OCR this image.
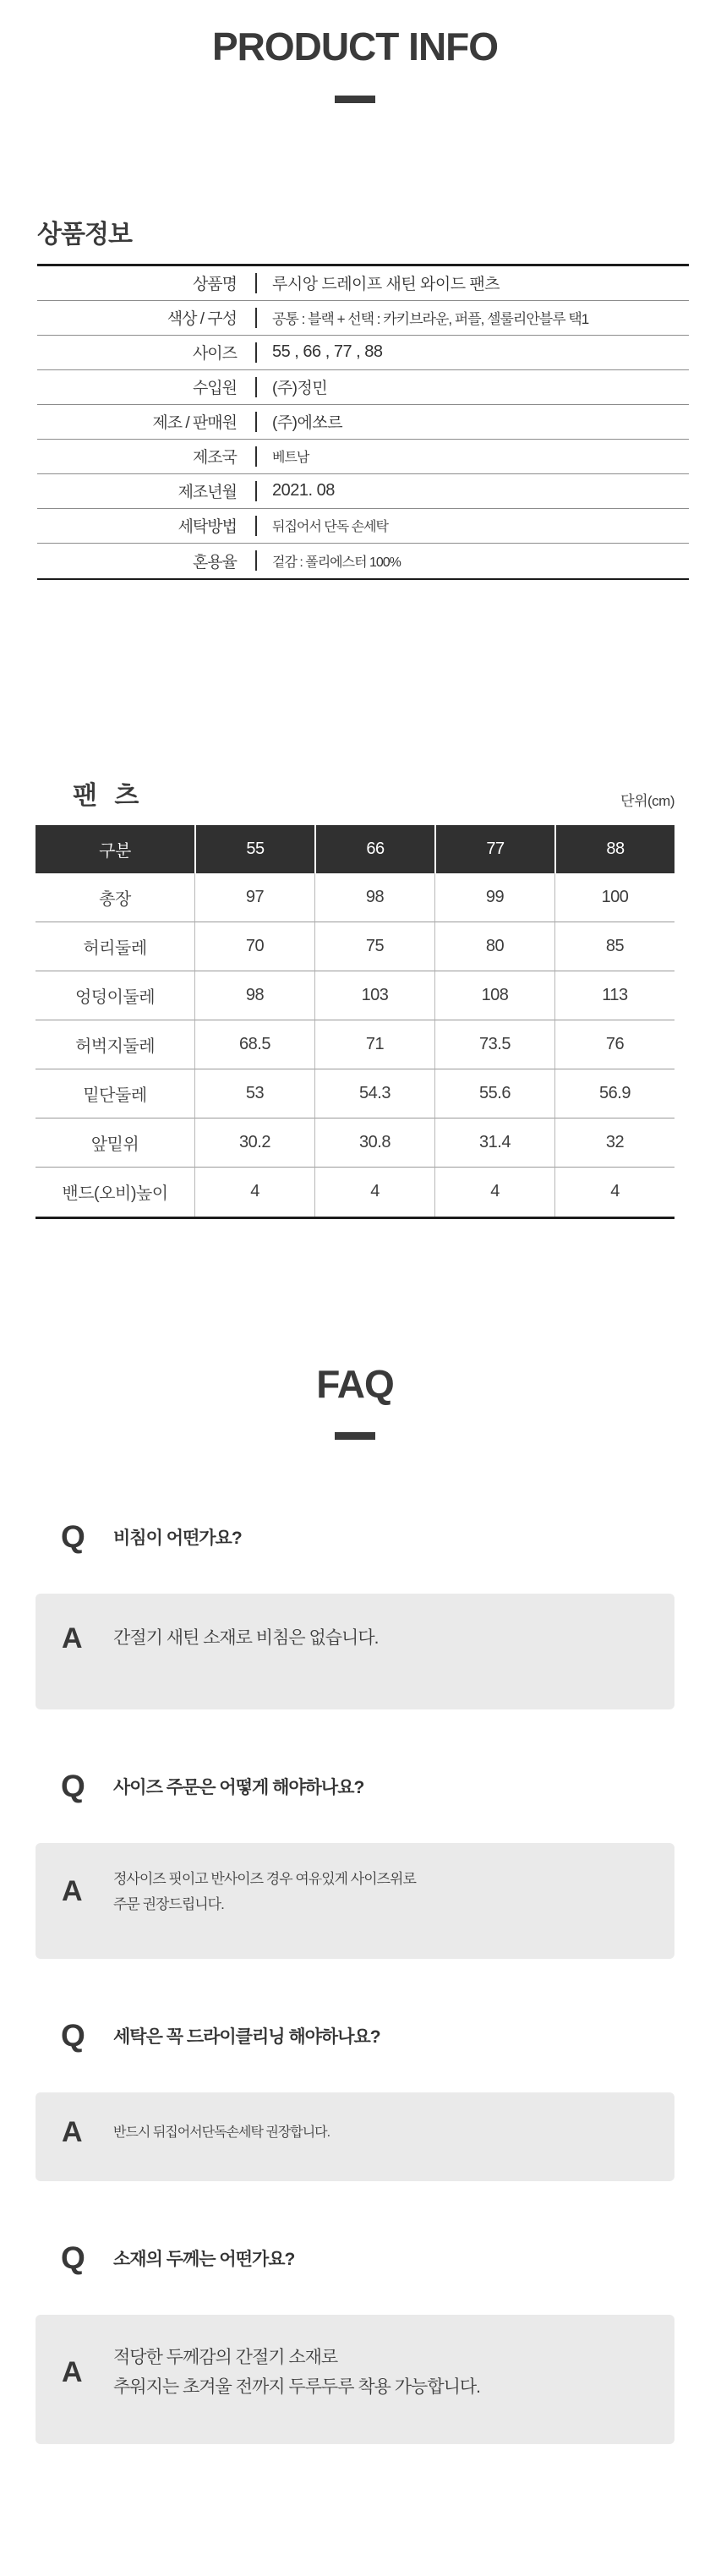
PRODUCT INFO
상품정보
상품명 루시앙 드레이프 새틴 와이드 팬츠
색상 / 구성 공통 : 블랙 + 선택 : 카키브라운, 퍼플, 셀룰리안블루 택1
사이즈 55 , 66 , 77 , 88
수입원 (주)정민
제조 / 판매원 (주)에쏘르
제조국	베트남
제조년월 2021. 08
세탁방법	뒤집어서 단독 손세탁
혼용율	겉감 : 폴리에스터 100%
팬 츠	단위(cm)
구분	55	66	77	88
총장	97	98	99	100
허리둘레	70	75	80	85
엉덩이둘레	98	103	108	113
허벅지둘레	68.5	71	73.5	76
밑단둘레	53	54.3	55.6	56.9
앞밑위	30.2	30.8	31.4	32
밴드(오비)높이	4	4	4	4
FAQ
Q 비침이 어떤가요?
A	간절기 새틴 소재로 비침은 없습니다.
Q 사이즈 주문은 어떻게 해야하나요?
A	정사이즈 핏이고 반사이즈 경우 여유있게 사이즈위로
주문 권장드립니다.
Q 세탁은 꼭 드라이클리닝 해야하나요?
A	반드시 뒤집어서단독손세탁 권장합니다.
Q 소재의 두께는 어떤가요?
A	적당한 두께감의 간절기 소재로
추워지는 초겨울 전까지 두루두루 착용 가능합니다.
